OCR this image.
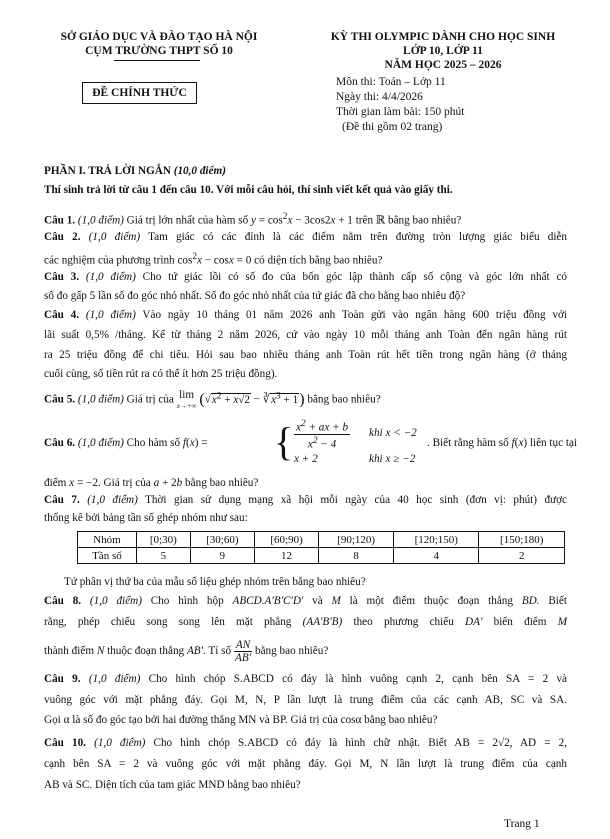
SỞ GIÁO DỤC VÀ ĐÀO TẠO HÀ NỘI
CỤM TRƯỜNG THPT SỐ 10
ĐỀ CHÍNH THỨC
KỲ THI OLYMPIC DÀNH CHO HỌC SINH
LỚP 10, LỚP 11
NĂM HỌC 2025 – 2026
Môn thi: Toán – Lớp 11
Ngày thi: 4/4/2026
Thời gian làm bài: 150 phút
(Đề thi gồm 02 trang)
PHẦN I. TRẢ LỜI NGẮN (10,0 điểm)
Thí sinh trả lời từ câu 1 đến câu 10. Với mỗi câu hỏi, thí sinh viết kết quả vào giấy thi.
Câu 1. (1,0 điểm) Giá trị lớn nhất của hàm số $y = \cos^2x - 3\cos 2x + 1$ trên ℝ bằng bao nhiêu?
Câu 2. (1,0 điểm) Tam giác có các đỉnh là các điểm nằm trên đường tròn lượng giác biểu diễn
các nghiệm của phương trình $\cos^2x - \cos x = 0$ có diện tích bằng bao nhiêu?
Câu 3. (1,0 điểm) Cho tứ giác lồi có số đo của bốn góc lập thành cấp số cộng và góc lớn nhất có
số đo gấp 5 lần số đo góc nhỏ nhất. Số đo góc nhỏ nhất của tứ giác đã cho bằng bao nhiêu độ?
Câu 4. (1,0 điểm) Vào ngày 10 tháng 01 năm 2026 anh Toàn gửi vào ngân hàng 600 triệu đồng với
lãi suất 0,5% /tháng. Kể từ tháng 2 năm 2026, cứ vào ngày 10 mỗi tháng anh Toàn đến ngân hàng rút
ra 25 triệu đồng để chi tiêu. Hỏi sau bao nhiêu tháng anh Toàn rút hết tiền trong ngân hàng (ở tháng
cuối cùng, số tiền rút ra có thể ít hơn 25 triệu đồng).
Câu 5. (1,0 điểm) Giá trị của lim
x→+∞ ($√x^2 + x√2$ − $∛x^3 + 1$) bằng bao nhiêu?
Câu 6. (1,0 điểm) Cho hàm số f(x) = { $\frac{x^2 + ax + b}{x^2 - 4}$ khi x < −2
x + 2	khi x ≥ −2
. Biết rằng hàm số f(x) liên tục tại
điểm x = −2. Giá trị của a + 2b bằng bao nhiêu?
Câu 7. (1,0 điểm) Thời gian sử dụng mạng xã hội mỗi ngày của 40 học sinh (đơn vị: phút) được
thống kê bởi bảng tần số ghép nhóm như sau:
Nhóm	[0;30)	[30;60)	[60;90)	[90;120)	[120;150)	[150;180)
Tần số	5	9	12	8	4	2
Tứ phân vị thứ ba của mẫu số liệu ghép nhóm trên bằng bao nhiêu?
Câu 8. (1,0 điểm) Cho hình hộp ABCD.A'B'C'D' và M là một điểm thuộc đoạn thẳng BD. Biết
rằng, phép chiếu song song lên mặt phẳng (AA'B'B) theo phương chiếu DA' biến điểm M
thành điểm N thuộc đoạn thẳng AB'. Tỉ số $\frac{AN}{AB'}$ bằng bao nhiêu?
Câu 9. (1,0 điểm) Cho hình chóp S.ABCD có đáy là hình vuông cạnh 2, cạnh bên SA = 2 và
vuông góc với mặt phẳng đáy. Gọi M, N, P lần lượt là trung điểm của các cạnh AB, SC và SA.
Gọi α là số đo góc tạo bởi hai đường thẳng MN và BP. Giá trị của cosα bằng bao nhiêu?
Câu 10. (1,0 điểm) Cho hình chóp S.ABCD có đáy là hình chữ nhật. Biết AB = 2√2, AD = 2,
cạnh bên SA = 2 và vuông góc với mặt phẳng đáy. Gọi M, N lần lượt là trung điểm của cạnh
AB và SC. Diện tích của tam giác MND bằng bao nhiêu?
Trang 1
